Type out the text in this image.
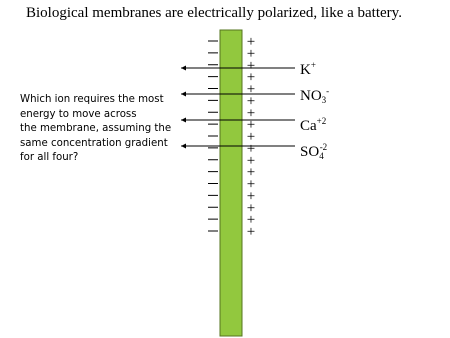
Biological membranes are electrically polarized, like a battery.
+
+
+
+
+
+
+
+
+
+
+
+
+
+
+
+
+
Which ion requires the most
energy to move across
the membrane, assuming the
same concentration gradient
for all four?
K+
$NO_3^-$
$Ca^{+2}$
$SO_4^{-2}$
